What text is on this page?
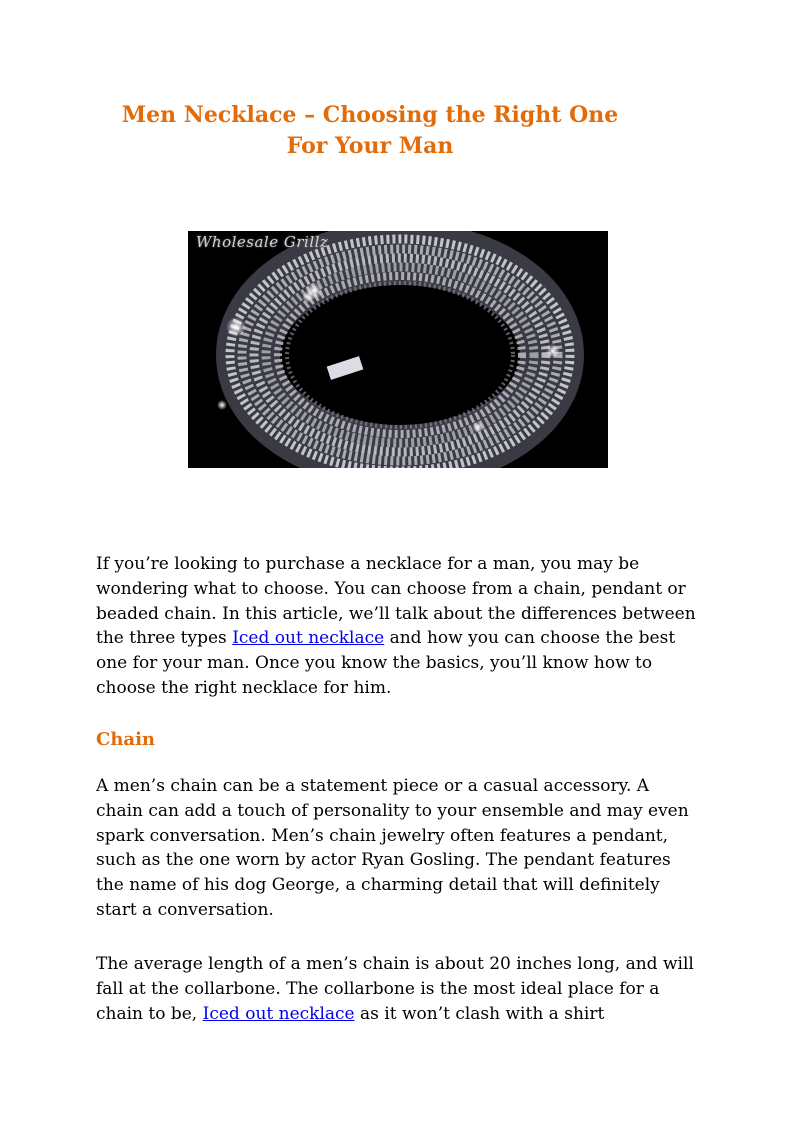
Men Necklace – Choosing the Right One For Your Man
Wholesale Grillz

If you’re looking to purchase a necklace for a man, you may be wondering what to choose. You can choose from a chain, pendant or beaded chain. In this article, we’ll talk about the differences between the three types Iced out necklace and how you can choose the best one for your man. Once you know the basics, you’ll know how to choose the right necklace for him.

Chain

A men’s chain can be a statement piece or a casual accessory. A chain can add a touch of personality to your ensemble and may even spark conversation. Men’s chain jewelry often features a pendant, such as the one worn by actor Ryan Gosling. The pendant features the name of his dog George, a charming detail that will definitely start a conversation.

The average length of a men’s chain is about 20 inches long, and will fall at the collarbone. The collarbone is the most ideal place for a chain to be, Iced out necklace as it won’t clash with a shirt
